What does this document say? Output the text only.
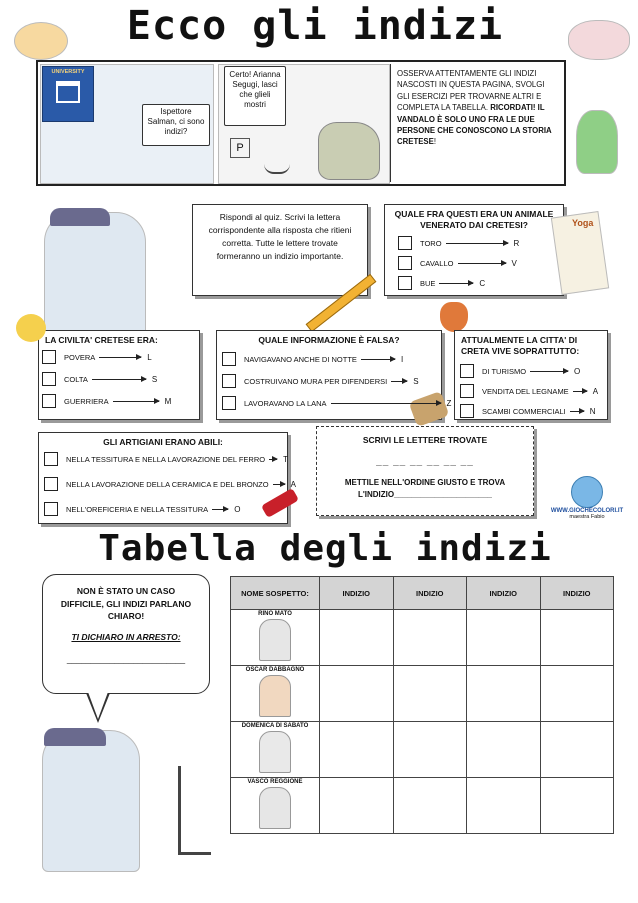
Ecco gli indizi
UNIVERSITY
P
Ispettore Salman, ci sono indizi?
Certo! Arianna Segugi, lasci che glieli mostri
OSSERVA ATTENTAMENTE GLI INDIZI NASCOSTI IN QUESTA PAGINA, SVOLGI GLI ESERCIZI PER TROVARNE ALTRI E COMPLETA LA TABELLA. RICORDATI! IL VANDALO È SOLO UNO FRA LE DUE PERSONE CHE CONOSCONO LA STORIA CRETESE!
Rispondi al quiz. Scrivi la lettera corrispondente alla risposta che ritieni corretta. Tutte le lettere trovate formeranno un indizio importante.
QUALE FRA QUESTI ERA UN ANIMALE VENERATO DAI CRETESI?	Yoga
LA CIVILTA' CRETESE ERA:	QUALE INFORMAZIONE È FALSA?	ATTUALMENTE LA CITTA' DI CRETA VIVE SOPRATTUTTO:
GLI ARTIGIANI ERANO ABILI:	SCRIVI LE LETTERE TROVATE
__ __ __ __ __ __
METTILE NELL'ORDINE GIUSTO E TROVA L'INDIZIO______________________
WWW.GIOCHECOLORI.IT
maestra Fabio
Tabella degli indizi
NON È STATO UN CASO DIFFICILE, GLI INDIZI PARLANO CHIARO!
TI DICHIARO IN ARRESTO:
_________________________
NOME SOSPETTO:	INDIZIO	INDIZIO	INDIZIO	INDIZIO

RINO MATO				

OSCAR DABBAGNO				

DOMENICA DI SABATO				

VASCO REGGIONE				

TORO	R
CAVALLO	V
BUE	C
POVERA	L
COLTA	S
GUERRIERA	M
NAVIGAVANO ANCHE DI NOTTE	I
COSTRUIVANO MURA PER DIFENDERSI	S
LAVORAVANO LA LANA	Z
DI TURISMO	O
VENDITA DEL LEGNAME	A
SCAMBI COMMERCIALI	N
NELLA TESSITURA E NELLA LAVORAZIONE DEL FERRO T
NELLA LAVORAZIONE DELLA CERAMICA E DEL BRONZO	A
NELL'OREFICERIA E NELLA TESSITURA	O
